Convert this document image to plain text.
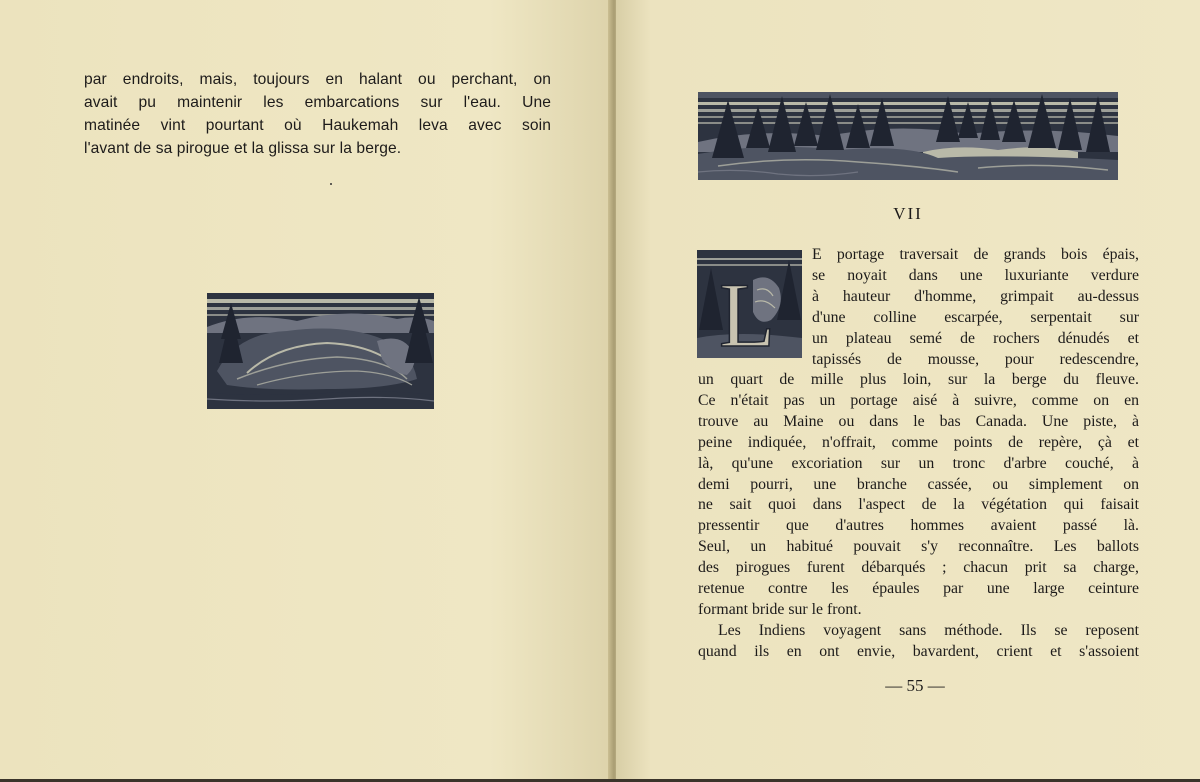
par endroits, mais, toujours en halant ou perchant, on

avait pu maintenir les embarcations sur l'eau. Une

matinée vint pourtant où Haukemah leva avec soin

l'avant de sa pirogue et la glissa sur la berge.

VII
L

E portage traversait de grands bois épais,

se noyait dans une luxuriante verdure

à hauteur d'homme, grimpait au-dessus

d'une colline escarpée, serpentait sur

un plateau semé de rochers dénudés et

tapissés de mousse, pour redescendre,

un quart de mille plus loin, sur la berge du fleuve.

Ce n'était pas un portage aisé à suivre, comme on en

trouve au Maine ou dans le bas Canada. Une piste, à

peine indiquée, n'offrait, comme points de repère, çà et

là, qu'une excoriation sur un tronc d'arbre couché, à

demi pourri, une branche cassée, ou simplement on

ne sait quoi dans l'aspect de la végétation qui faisait

pressentir que d'autres hommes avaient passé là.

Seul, un habitué pouvait s'y reconnaître. Les ballots

des pirogues furent débarqués ; chacun prit sa charge,

retenue contre les épaules par une large ceinture

formant bride sur le front.

Les Indiens voyagent sans méthode. Ils se reposent

quand ils en ont envie, bavardent, crient et s'assoient

— 55 —
